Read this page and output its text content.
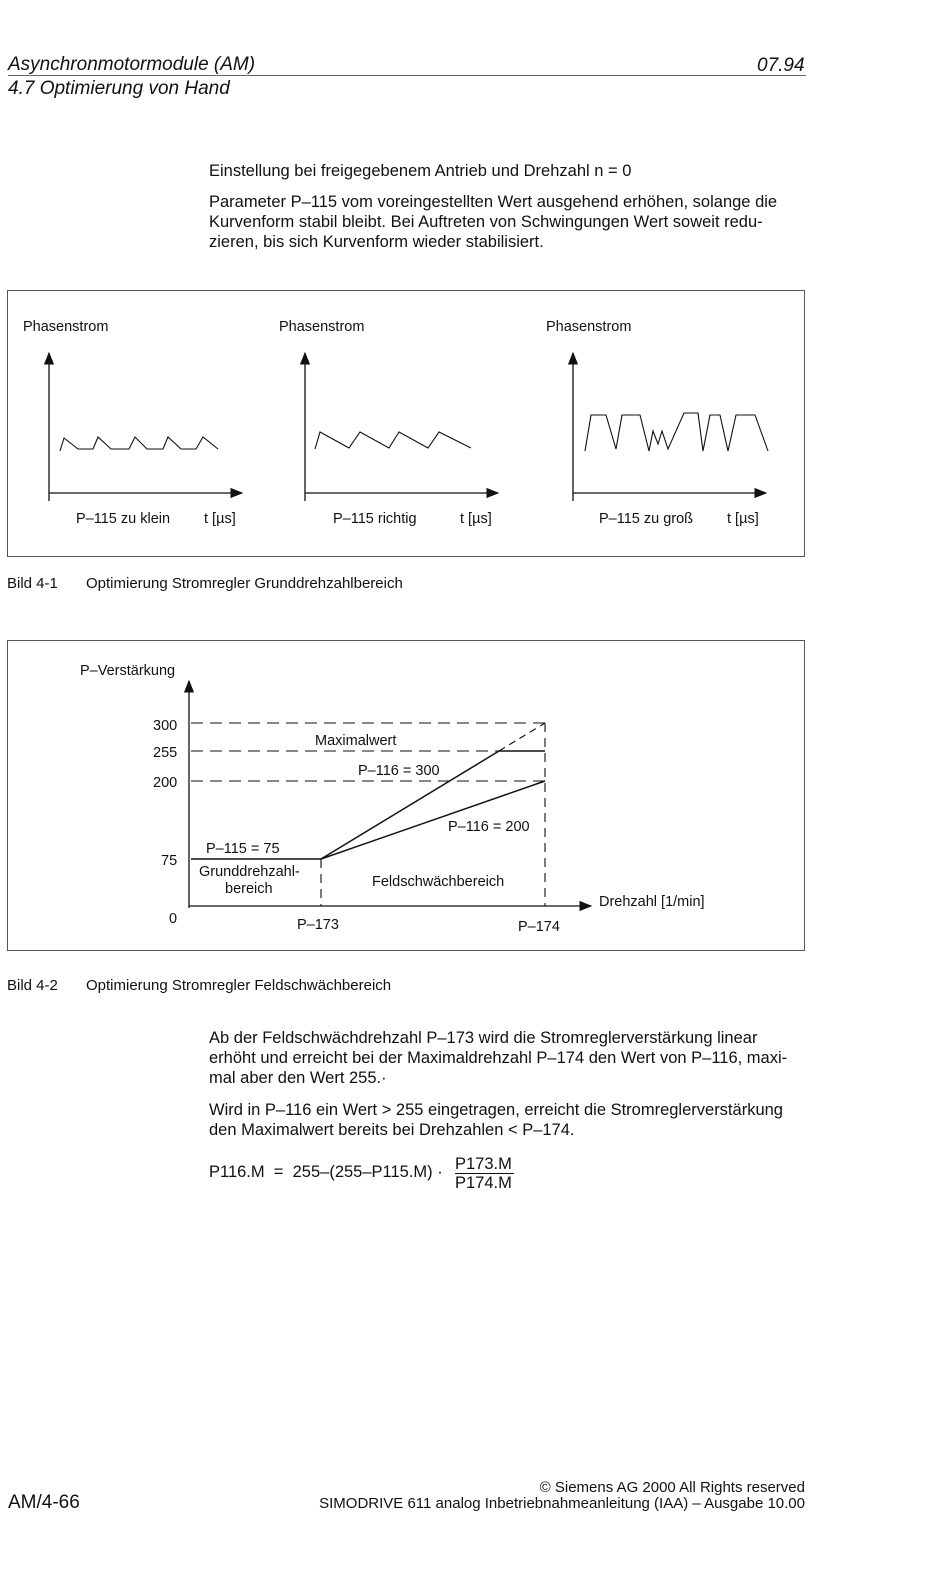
Asynchronmotormodule (AM)	07.94
4.7 Optimierung von Hand
Einstellung bei freigegebenem Antrieb und Drehzahl n = 0
Parameter P–115 vom voreingestellten Wert ausgehend erhöhen, solange die
Kurvenform stabil bleibt. Bei Auftreten von Schwingungen Wert soweit redu-
zieren, bis sich Kurvenform wieder stabilisiert.
Phasenstrom
P–115 zu klein t [µs]
Phasenstrom
P–115 richtig	t [µs]
Phasenstrom
P–115 zu groß t [µs]
Bild 4-1 Optimierung Stromregler Grunddrehzahlbereich
P–Verstärkung
300
255
200
75
0
Maximalwert
P–116 = 300
P–116 = 200
P–115 = 75
Grunddrehzahl-
bereich	Feldschwächbereich
Drehzahl [1/min]
P–173	P–174
Bild 4-2 Optimierung Stromregler Feldschwächbereich
Ab der Feldschwächdrehzahl P–173 wird die Stromreglerverstärkung linear
erhöht und erreicht bei der Maximaldrehzahl P–174 den Wert von P–116, maxi-
mal aber den Wert 255.·
Wird in P–116 ein Wert > 255 eingetragen, erreicht die Stromreglerverstärkung
den Maximalwert bereits bei Drehzahlen < P–174.
P116.M  =  255–(255–P115.M) · P173.M
P174.M
AM/4-66
© Siemens AG 2000 All Rights reserved
SIMODRIVE 611 analog Inbetriebnahmeanleitung (IAA) – Ausgabe 10.00
